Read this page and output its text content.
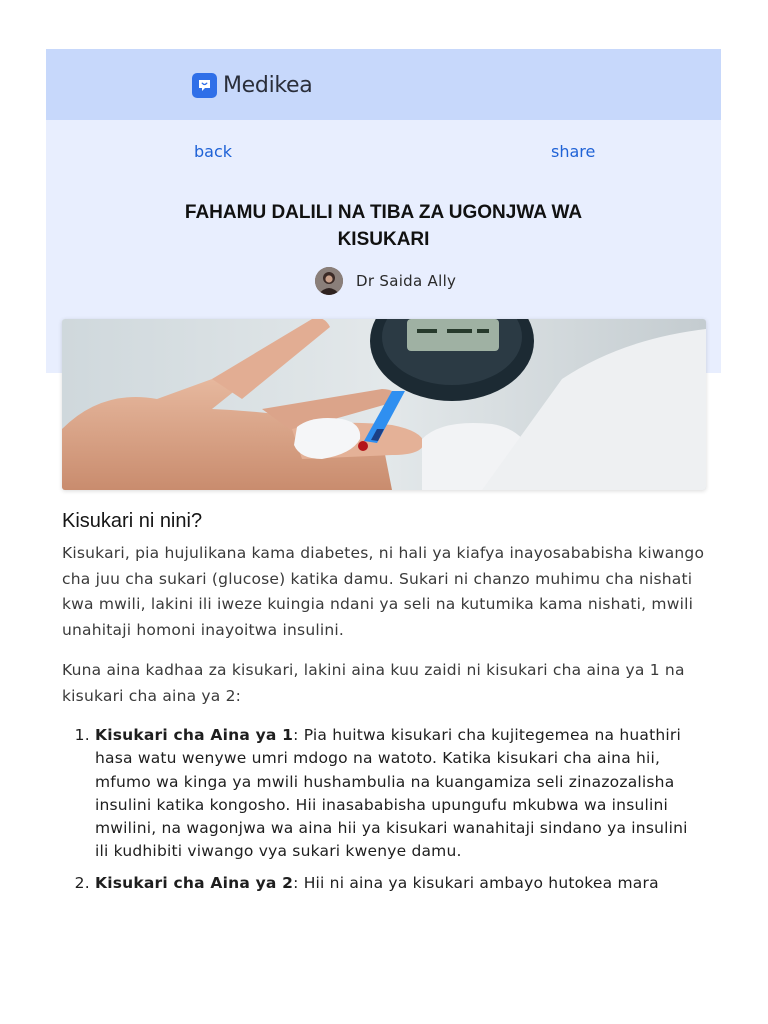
Medikea
back	share
FAHAMU DALILI NA TIBA ZA UGONJWA WA KISUKARI
Dr Saida Ally
Kisukari ni nini?

Kisukari, pia hujulikana kama diabetes, ni hali ya kiafya inayosababisha kiwango cha juu cha sukari (glucose) katika damu. Sukari ni chanzo muhimu cha nishati kwa mwili, lakini ili iweze kuingia ndani ya seli na kutumika kama nishati, mwili unahitaji homoni inayoitwa insulini.

Kuna aina kadhaa za kisukari, lakini aina kuu zaidi ni kisukari cha aina ya 1 na kisukari cha aina ya 2:

1. Kisukari cha Aina ya 1: Pia huitwa kisukari cha kujitegemea na huathiri hasa watu wenywe umri mdogo na watoto. Katika kisukari cha aina hii, mfumo wa kinga ya mwili hushambulia na kuangamiza seli zinazozalisha insulini katika kongosho. Hii inasababisha upungufu mkubwa wa insulini mwilini, na wagonjwa wa aina hii ya kisukari wanahitaji sindano ya insulini ili kudhibiti viwango vya sukari kwenye damu.
2. Kisukari cha Aina ya 2: Hii ni aina ya kisukari ambayo hutokea mara
